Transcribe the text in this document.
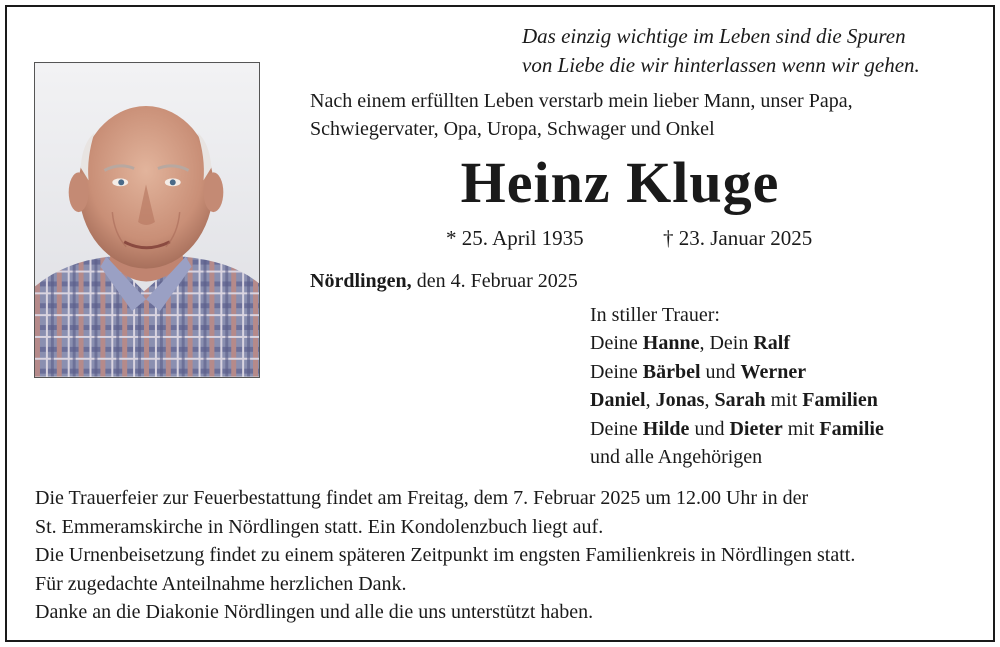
Das einzig wichtige im Leben sind die Spuren
von Liebe die wir hinterlassen wenn wir gehen.
Nach einem erfüllten Leben verstarb mein lieber Mann, unser Papa,
Schwiegervater, Opa, Uropa, Schwager und Onkel
Heinz Kluge
* 25. April 1935	† 23. Januar 2025
Nördlingen, den 4. Februar 2025
In stiller Trauer:
Deine Hanne, Dein Ralf
Deine Bärbel und Werner
Daniel, Jonas, Sarah mit Familien
Deine Hilde und Dieter mit Familie
und alle Angehörigen
Die Trauerfeier zur Feuerbestattung findet am Freitag, dem 7. Februar 2025 um 12.00 Uhr in der
St. Emmeramskirche in Nördlingen statt. Ein Kondolenzbuch liegt auf.
Die Urnenbeisetzung findet zu einem späteren Zeitpunkt im engsten Familienkreis in Nördlingen statt.
Für zugedachte Anteilnahme herzlichen Dank.
Danke an die Diakonie Nördlingen und alle die uns unterstützt haben.
